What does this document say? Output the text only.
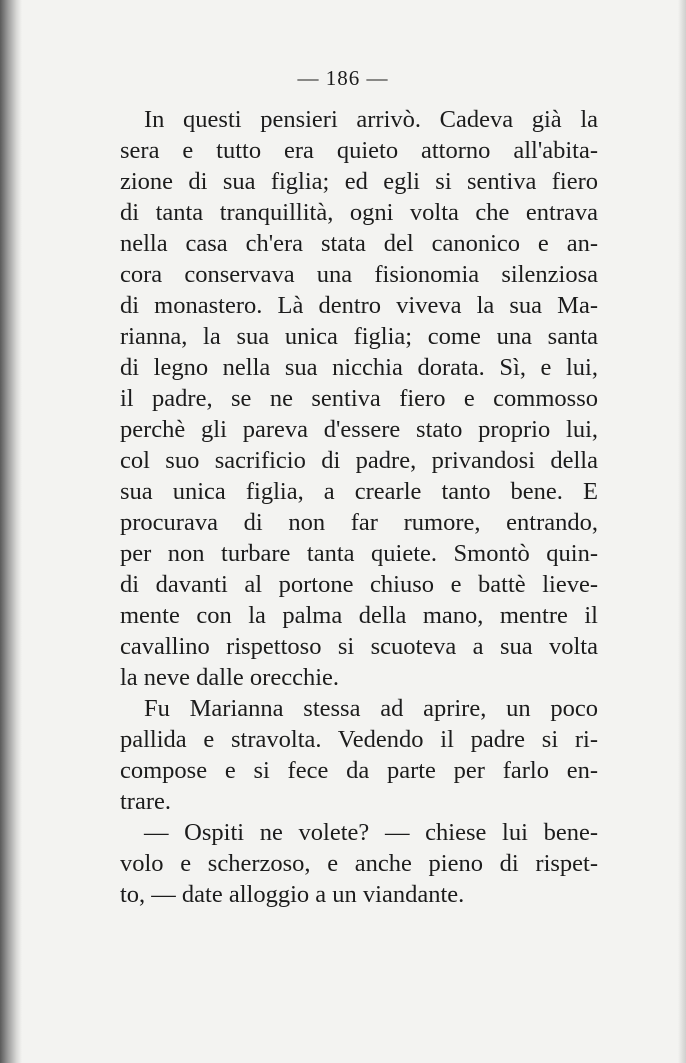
— 186 —
In questi pensieri arrivò. Cadeva già la
sera e tutto era quieto attorno all'abita-
zione di sua figlia; ed egli si sentiva fiero
di tanta tranquillità, ogni volta che entrava
nella casa ch'era stata del canonico e an-
cora conservava una fisionomia silenziosa
di monastero. Là dentro viveva la sua Ma-
rianna, la sua unica figlia; come una santa
di legno nella sua nicchia dorata. Sì, e lui,
il padre, se ne sentiva fiero e commosso
perchè gli pareva d'essere stato proprio lui,
col suo sacrificio di padre, privandosi della
sua unica figlia, a crearle tanto bene. E
procurava di non far rumore, entrando,
per non turbare tanta quiete. Smontò quin-
di davanti al portone chiuso e battè lieve-
mente con la palma della mano, mentre il
cavallino rispettoso si scuoteva a sua volta
la neve dalle orecchie.
Fu Marianna stessa ad aprire, un poco
pallida e stravolta. Vedendo il padre si ri-
compose e si fece da parte per farlo en-
trare.
— Ospiti ne volete? — chiese lui bene-
volo e scherzoso, e anche pieno di rispet-
to, — date alloggio a un viandante.
